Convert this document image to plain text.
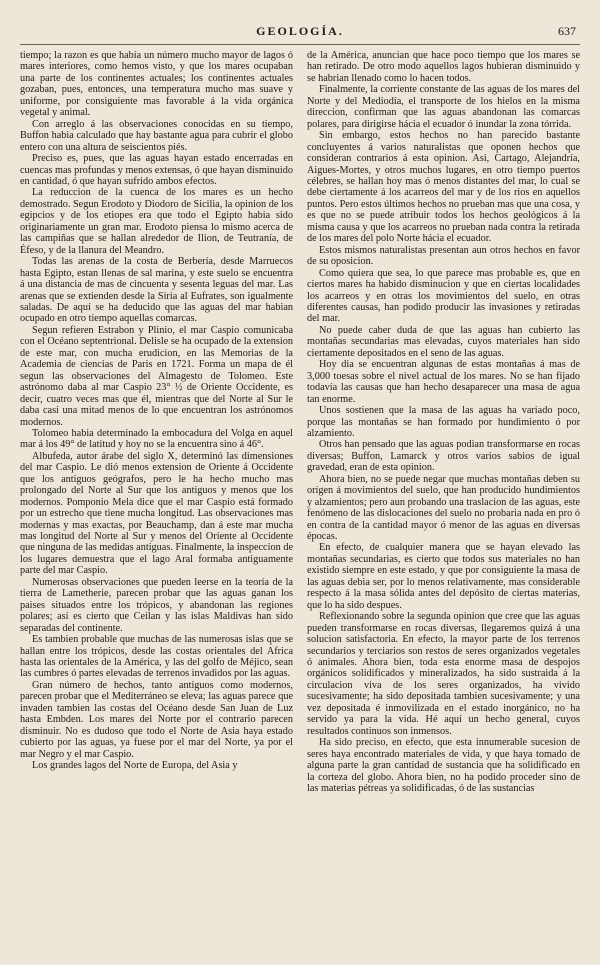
GEOLOGÍA.	637

tiempo; la razon es que había un número mucho mayor de lagos ó mares interiores, como hemos visto, y que los mares ocupaban una parte de los continentes actuales; los continentes actuales gozaban, pues, entonces, una temperatura mucho mas suave y uniforme, por consiguiente mas favorable á la vida orgánica vegetal y animal.

Con arreglo á las observaciones conocidas en su tiempo, Buffon habia calculado que hay bastante agua para cubrir el globo entero con una altura de seiscientos piés.

Preciso es, pues, que las aguas hayan estado encerradas en cuencas mas profundas y menos extensas, ó que hayan disminuido en cantidad, ó que hayan sufrido ambos efectos.

La reduccion de la cuenca de los mares es un hecho demostrado. Segun Erodoto y Diodoro de Sicilia, la opinion de los egipcios y de los etiopes era que todo el Egipto habia sido originariamente un gran mar. Erodoto piensa lo mismo acerca de las campiñas que se hallan alrededor de Ilion, de Teutranía, de Éfeso, y de la llanura del Meandro.

Todas las arenas de la costa de Berbería, desde Marruecos hasta Egipto, estan llenas de sal marina, y este suelo se encuentra á una distancia de mas de cincuenta y sesenta leguas del mar. Las arenas que se extienden desde la Siria al Eufrates, son igualmente saladas. De aquí se ha deducido que las aguas del mar habian ocupado en otro tiempo aquellas comarcas.

Segun refieren Estrabon y Plinio, el mar Caspio comunicaba con el Océano septentrional. Delisle se ha ocupado de la extension de este mar, con mucha erudicion, en las Memorias de la Academia de ciencias de Paris en 1721. Forma un mapa de él segun las observaciones del Almagesto de Tolomeo. Este astrónomo daba al mar Caspio 23° ½ de Oriente Occidente, es decir, cuatro veces mas que él, mientras que del Norte al Sur le daba casi una mitad menos de lo que encuentran los astrónomos modernos.

Tolomeo habia determinado la embocadura del Volga en aquel mar á los 49° de latitud y hoy no se la encuentra sino á 46°.

Albufeda, autor árabe del siglo X, determinó las dimensiones del mar Caspio. Le dió menos extension de Oriente á Occidente que los antiguos geógrafos, pero le ha hecho mucho mas prolongado del Norte al Sur que los antiguos y menos que los modernos. Pomponio Mela dice que el mar Caspio está formado por un estrecho que tiene mucha longitud. Las observaciones mas modernas y mas exactas, por Beauchamp, dan á este mar mucha mas longitud del Norte al Sur y menos del Oriente al Occidente que ninguna de las medidas antiguas. Finalmente, la inspeccion de los lugares demuestra que el lago Aral formaba antiguamente parte del mar Caspio.

Numerosas observaciones que pueden leerse en la teoría de la tierra de Lametherie, parecen probar que las aguas ganan los paises situados entre los trópicos, y abandonan las regiones polares; así es cierto que Ceilan y las islas Maldivas han sido separadas del continente.

Es tambien probable que muchas de las numerosas islas que se hallan entre los trópicos, desde las costas orientales del Africa hasta las orientales de la América, y las del golfo de Méjico, sean las cumbres ó partes elevadas de terrenos invadidos por las aguas.

Gran número de hechos, tanto antiguos como modernos, parecen probar que el Mediterráneo se eleva; las aguas parece que invaden tambien las costas del Océano desde San Juan de Luz hasta Embden. Los mares del Norte por el contrario parecen disminuir. No es dudoso que todo el Norte de Asia haya estado cubierto por las aguas, ya fuese por el mar del Norte, ya por el mar Negro y el mar Caspio.

Los grandes lagos del Norte de Europa, del Asia y

de la América, anuncian que hace poco tiempo que los mares se han retirado. De otro modo aquellos lagos hubieran disminuido y se habrian llenado como lo hacen todos.

Finalmente, la corriente constante de las aguas de los mares del Norte y del Mediodía, el transporte de los hielos en la misma direccion, confirman que las aguas abandonan las comarcas polares, para dirigirse hácia el ecuador ó inundar la zona tórrida.

Sin embargo, estos hechos no han parecido bastante concluyentes á varios naturalistas que oponen hechos que consideran contrarios á esta opinion. Asi, Cartago, Alejandría, Aigues-Mortes, y otros muchos lugares, en otro tiempo puertos célebres, se hallan hoy mas ó menos distantes del mar, lo cual se debe ciertamente á los acarreos del mar y de los rios en aquellos puntos. Pero estos últimos hechos no prueban mas que una cosa, y es que no se puede atribuir todos los hechos geológicos á la misma causa y que los acarreos no prueban nada contra la retirada de los mares del polo Norte hácia el ecuador.

Estos mismos naturalistas presentan aun otros hechos en favor de su oposicion.

Como quiera que sea, lo que parece mas probable es, que en ciertos mares ha habido disminucion y que en ciertas localidades los acarreos y en otras los movimientos del suelo, en otras diferentes causas, han podido producir las invasiones y retiradas del mar.

No puede caber duda de que las aguas han cubierto las montañas secundarias mas elevadas, cuyos materiales han sido ciertamente depositados en el seno de las aguas.

Hoy dia se encuentran algunas de estas montañas á mas de 3,000 toesas sobre el nivel actual de los mares. No se han fijado todavía las causas que han hecho desaparecer una masa de agua tan enorme.

Unos sostienen que la masa de las aguas ha variado poco, porque las montañas se han formado por hundimiento ó por alzamiento.

Otros han pensado que las aguas podian transformarse en rocas diversas; Buffon, Lamarck y otros varios sabios de igual gravedad, eran de esta opinion.

Ahora bien, no se puede negar que muchas montañas deben su orígen á movimientos del suelo, que han producido hundimientos y alzamientos; pero aun probando una traslacion de las aguas, este fenómeno de las dislocaciones del suelo no probaria nada en pro ó en contra de la cantidad mayor ó menor de las aguas en diversas épocas.

En efecto, de cualquier manera que se hayan elevado las montañas secundarias, es cierto que todos sus materiales no han existido siempre en este estado, y que por consiguiente la masa de las aguas debia ser, por lo menos relativamente, mas considerable respecto á la masa sólida antes del depósito de ciertas materias, que lo ha sido despues.

Reflexionando sobre la segunda opinion que cree que las aguas pueden transformarse en rocas diversas, llegaremos quizá á una solucion satisfactoria. En efecto, la mayor parte de los terrenos secundarios y terciarios son restos de seres organizados vegetales ó animales. Ahora bien, toda esta enorme masa de despojos orgánicos solidificados y mineralizados, ha sido sustraida á la circulacion viva de los seres organizados, ha vivido sucesivamente; ha sido depositada tambien sucesivamente; y una vez depositada é inmovilizada en el estado inorgánico, no ha servido ya para la vida. Hé aquí un hecho general, cuyos resultados continuos son inmensos.

Ha sido preciso, en efecto, que esta innumerable sucesion de seres haya encontrado materiales de vida, y que haya tomado de alguna parte la gran cantidad de sustancia que ha solidificado en la corteza del globo. Ahora bien, no ha podido proceder sino de las materias pétreas ya solidificadas, ó de las sustancias
